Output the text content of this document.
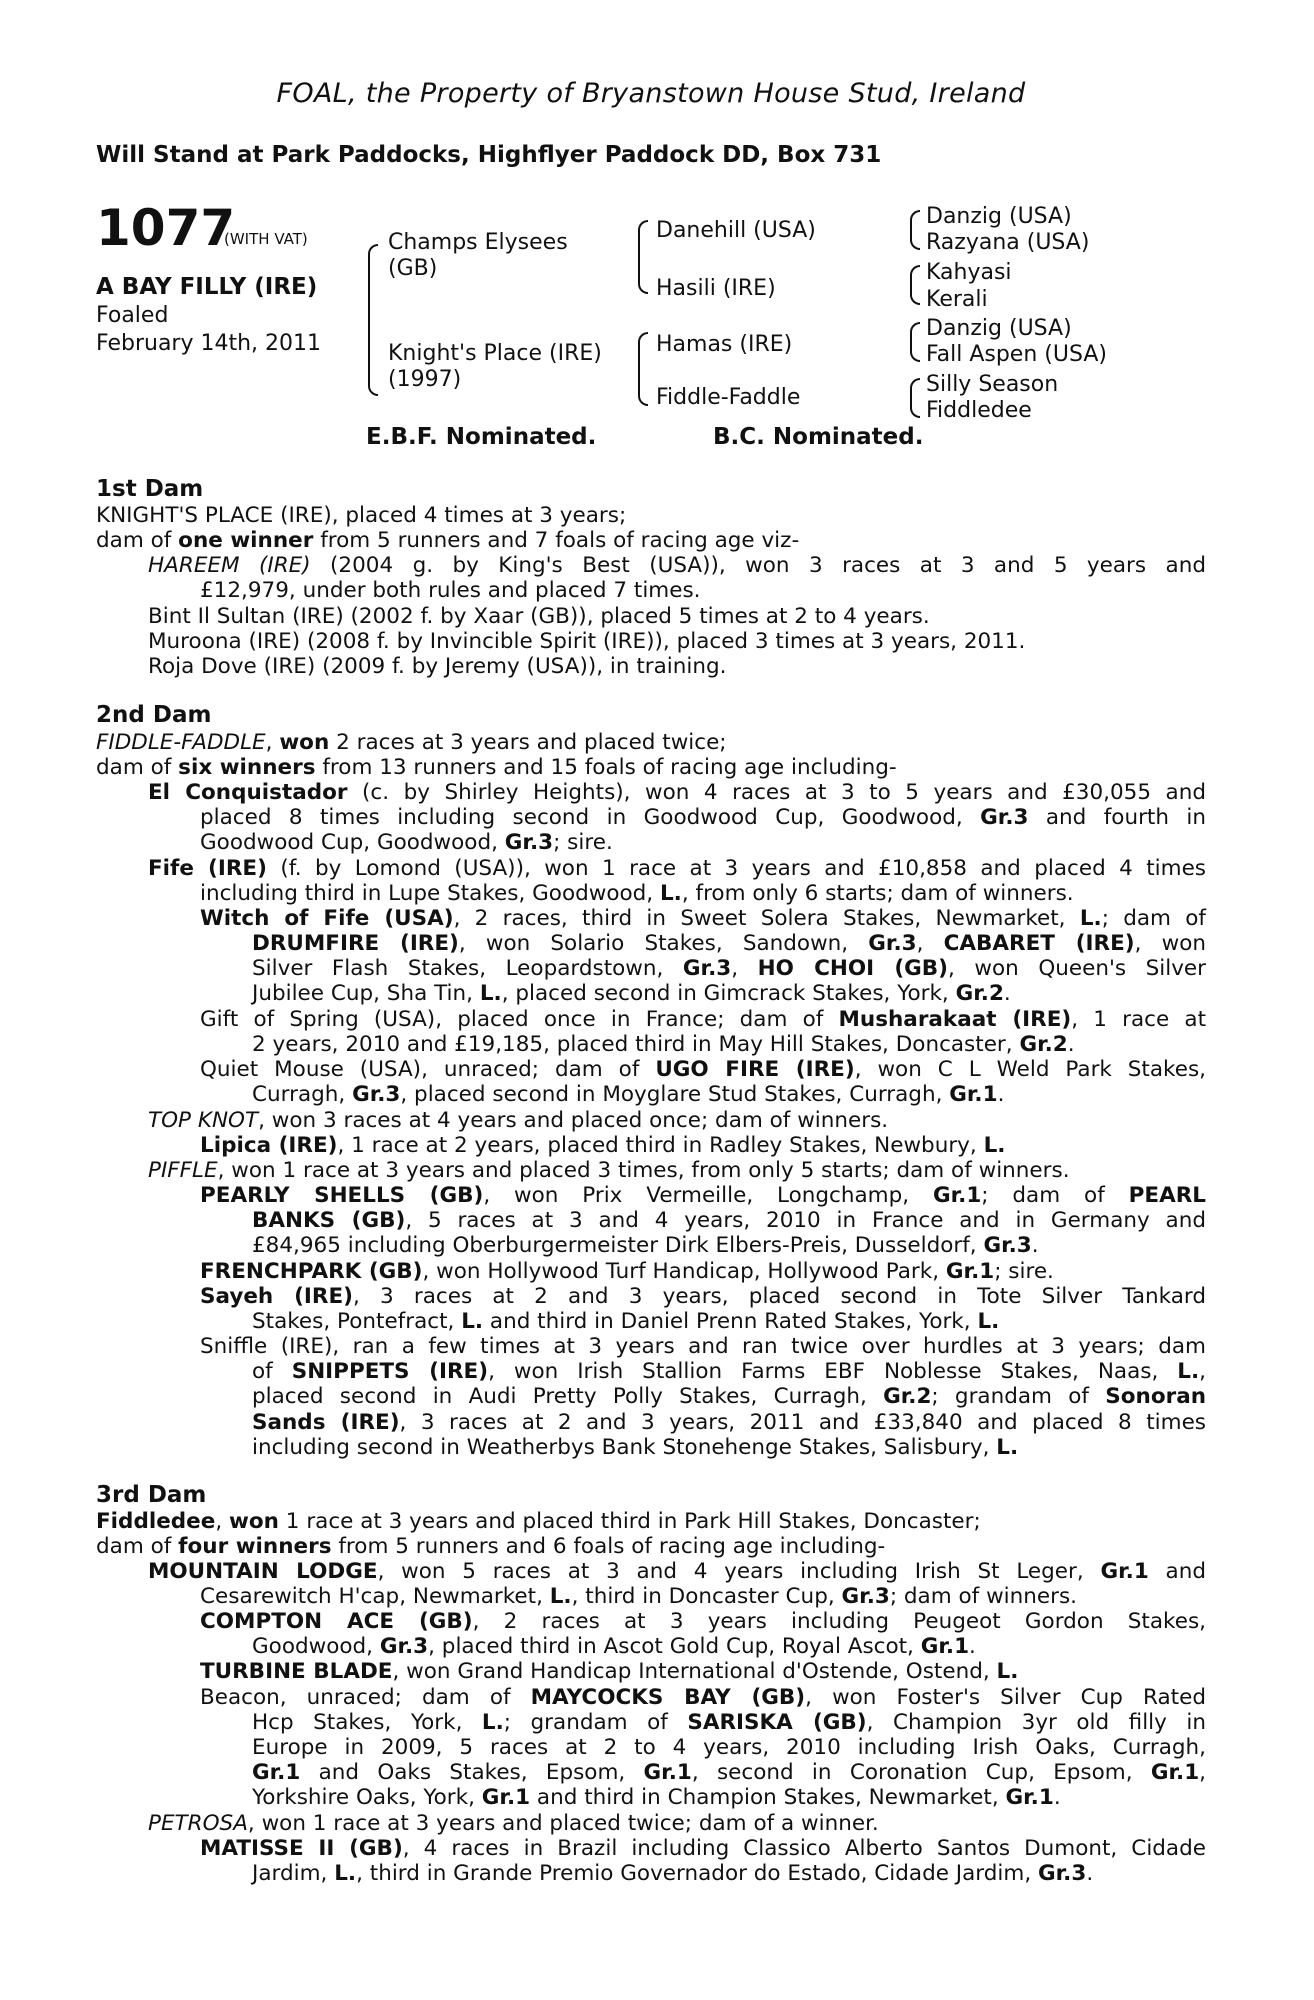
FOAL, the Property of Bryanstown House Stud, Ireland
Will Stand at Park Paddocks, Highflyer Paddock DD, Box 731
1077
(WITH VAT)
A BAY FILLY (IRE)
Foaled
February 14th, 2011
Champs Elysees
(GB)
Knight's Place (IRE)
(1997)
Danehill (USA)
Hasili (IRE)
Hamas (IRE)
Fiddle-Faddle
Danzig (USA)
Razyana (USA)
Kahyasi
Kerali
Danzig (USA)
Fall Aspen (USA)
Silly Season
Fiddledee
E.B.F. Nominated.	B.C. Nominated.
1st Dam
KNIGHT'S PLACE (IRE), placed 4 times at 3 years;
dam of one winner from 5 runners and 7 foals of racing age viz-
HAREEM (IRE) (2004 g. by King's Best (USA)), won 3 races at 3 and 5 years and
£12,979, under both rules and placed 7 times.
Bint Il Sultan (IRE) (2002 f. by Xaar (GB)), placed 5 times at 2 to 4 years.
Muroona (IRE) (2008 f. by Invincible Spirit (IRE)), placed 3 times at 3 years, 2011.
Roja Dove (IRE) (2009 f. by Jeremy (USA)), in training.
2nd Dam
FIDDLE-FADDLE, won 2 races at 3 years and placed twice;
dam of six winners from 13 runners and 15 foals of racing age including-
El Conquistador (c. by Shirley Heights), won 4 races at 3 to 5 years and £30,055 and
placed 8 times including second in Goodwood Cup, Goodwood, Gr.3 and fourth in
Goodwood Cup, Goodwood, Gr.3; sire.
Fife (IRE) (f. by Lomond (USA)), won 1 race at 3 years and £10,858 and placed 4 times
including third in Lupe Stakes, Goodwood, L., from only 6 starts; dam of winners.
Witch of Fife (USA), 2 races, third in Sweet Solera Stakes, Newmarket, L.; dam of
DRUMFIRE (IRE), won Solario Stakes, Sandown, Gr.3, CABARET (IRE), won
Silver Flash Stakes, Leopardstown, Gr.3, HO CHOI (GB), won Queen's Silver
Jubilee Cup, Sha Tin, L., placed second in Gimcrack Stakes, York, Gr.2.
Gift of Spring (USA), placed once in France; dam of Musharakaat (IRE), 1 race at
2 years, 2010 and £19,185, placed third in May Hill Stakes, Doncaster, Gr.2.
Quiet Mouse (USA), unraced; dam of UGO FIRE (IRE), won C L Weld Park Stakes,
Curragh, Gr.3, placed second in Moyglare Stud Stakes, Curragh, Gr.1.
TOP KNOT, won 3 races at 4 years and placed once; dam of winners.
Lipica (IRE), 1 race at 2 years, placed third in Radley Stakes, Newbury, L.
PIFFLE, won 1 race at 3 years and placed 3 times, from only 5 starts; dam of winners.
PEARLY SHELLS (GB), won Prix Vermeille, Longchamp, Gr.1; dam of PEARL
BANKS (GB), 5 races at 3 and 4 years, 2010 in France and in Germany and
£84,965 including Oberburgermeister Dirk Elbers-Preis, Dusseldorf, Gr.3.
FRENCHPARK (GB), won Hollywood Turf Handicap, Hollywood Park, Gr.1; sire.
Sayeh (IRE), 3 races at 2 and 3 years, placed second in Tote Silver Tankard
Stakes, Pontefract, L. and third in Daniel Prenn Rated Stakes, York, L.
Sniffle (IRE), ran a few times at 3 years and ran twice over hurdles at 3 years; dam
of SNIPPETS (IRE), won Irish Stallion Farms EBF Noblesse Stakes, Naas, L.,
placed second in Audi Pretty Polly Stakes, Curragh, Gr.2; grandam of Sonoran
Sands (IRE), 3 races at 2 and 3 years, 2011 and £33,840 and placed 8 times
including second in Weatherbys Bank Stonehenge Stakes, Salisbury, L.
3rd Dam
Fiddledee, won 1 race at 3 years and placed third in Park Hill Stakes, Doncaster;
dam of four winners from 5 runners and 6 foals of racing age including-
MOUNTAIN LODGE, won 5 races at 3 and 4 years including Irish St Leger, Gr.1 and
Cesarewitch H'cap, Newmarket, L., third in Doncaster Cup, Gr.3; dam of winners.
COMPTON ACE (GB), 2 races at 3 years including Peugeot Gordon Stakes,
Goodwood, Gr.3, placed third in Ascot Gold Cup, Royal Ascot, Gr.1.
TURBINE BLADE, won Grand Handicap International d'Ostende, Ostend, L.
Beacon, unraced; dam of MAYCOCKS BAY (GB), won Foster's Silver Cup Rated
Hcp Stakes, York, L.; grandam of SARISKA (GB), Champion 3yr old filly in
Europe in 2009, 5 races at 2 to 4 years, 2010 including Irish Oaks, Curragh,
Gr.1 and Oaks Stakes, Epsom, Gr.1, second in Coronation Cup, Epsom, Gr.1,
Yorkshire Oaks, York, Gr.1 and third in Champion Stakes, Newmarket, Gr.1.
PETROSA, won 1 race at 3 years and placed twice; dam of a winner.
MATISSE II (GB), 4 races in Brazil including Classico Alberto Santos Dumont, Cidade
Jardim, L., third in Grande Premio Governador do Estado, Cidade Jardim, Gr.3.
